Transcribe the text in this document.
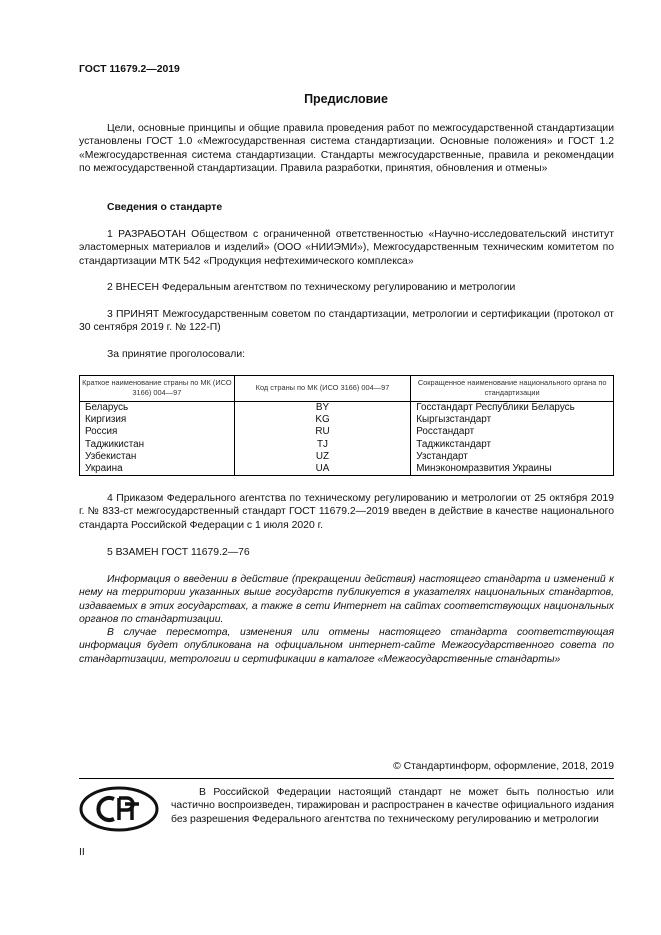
ГОСТ 11679.2—2019
Предисловие

Цели, основные принципы и общие правила проведения работ по межгосударственной стандартизации установлены ГОСТ 1.0 «Межгосударственная система стандартизации. Основные положения» и ГОСТ 1.2 «Межгосударственная система стандартизации. Стандарты межгосударственные, правила и рекомендации по межгосударственной стандартизации. Правила разработки, принятия, обновления и отмены»

Сведения о стандарте

1 РАЗРАБОТАН Обществом с ограниченной ответственностью «Научно-исследовательский институт эластомерных материалов и изделий» (ООО «НИИЭМИ»), Межгосударственным техническим комитетом по стандартизации МТК 542 «Продукция нефтехимического комплекса»

2 ВНЕСЕН Федеральным агентством по техническому регулированию и метрологии

3 ПРИНЯТ Межгосударственным советом по стандартизации, метрологии и сертификации (протокол от 30 сентября 2019 г. № 122-П)

За принятие проголосовали:
Краткое наименование страны по МК (ИСО 3166) 004—97	Код страны по МК (ИСО 3166) 004—97	Сокращенное наименование национального органа по стандартизации
Беларусь	BY	Госстандарт Республики Беларусь
Киргизия	KG	Кыргызстандарт
Россия	RU	Росстандарт
Таджикистан	TJ	Таджикстандарт
Узбекистан	UZ	Узстандарт
Украина	UA	Минэкономразвития Украины

4 Приказом Федерального агентства по техническому регулированию и метрологии от 25 октября 2019 г. № 833-ст межгосударственный стандарт ГОСТ 11679.2—2019 введен в действие в качестве национального стандарта Российской Федерации с 1 июля 2020 г.

5 ВЗАМЕН ГОСТ 11679.2—76

Информация о введении в действие (прекращении действия) настоящего стандарта и изменений к нему на территории указанных выше государств публикуется в указателях национальных стандартов, издаваемых в этих государствах, а также в сети Интернет на сайтах соответствующих национальных органов по стандартизации.

В случае пересмотра, изменения или отмены настоящего стандарта соответствующая информация будет опубликована на официальном интернет-сайте Межгосударственного совета по стандартизации, метрологии и сертификации в каталоге «Межгосударственные стандарты»

© Стандартинформ, оформление, 2018, 2019

В Российской Федерации настоящий стандарт не может быть полностью или частично воспроизведен, тиражирован и распространен в качестве официального издания без разрешения Федерального агентства по техническому регулированию и метрологии

II
